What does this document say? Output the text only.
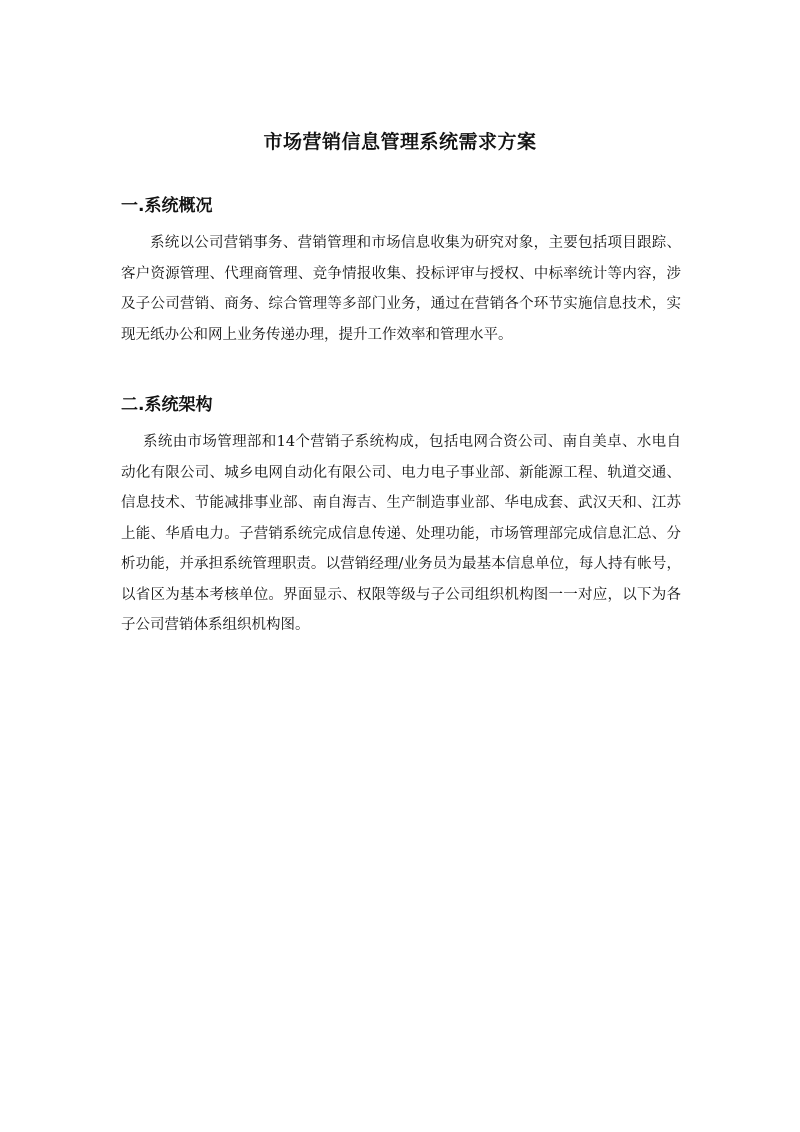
市场营销信息管理系统需求方案
一.系统概况
系统以公司营销事务、营销管理和市场信息收集为研究对象，主要包括项目跟踪、客户资源管理、代理商管理、竞争情报收集、投标评审与授权、中标率统计等内容，涉及子公司营销、商务、综合管理等多部门业务，通过在营销各个环节实施信息技术，实现无纸办公和网上业务传递办理，提升工作效率和管理水平。
二.系统架构
系统由市场管理部和14个营销子系统构成，包括电网合资公司、南自美卓、水电自动化有限公司、城乡电网自动化有限公司、电力电子事业部、新能源工程、轨道交通、信息技术、节能减排事业部、南自海吉、生产制造事业部、华电成套、武汉天和、江苏上能、华盾电力。子营销系统完成信息传递、处理功能，市场管理部完成信息汇总、分析功能，并承担系统管理职责。以营销经理/业务员为最基本信息单位，每人持有帐号，以省区为基本考核单位。界面显示、权限等级与子公司组织机构图一一对应，以下为各子公司营销体系组织机构图。
